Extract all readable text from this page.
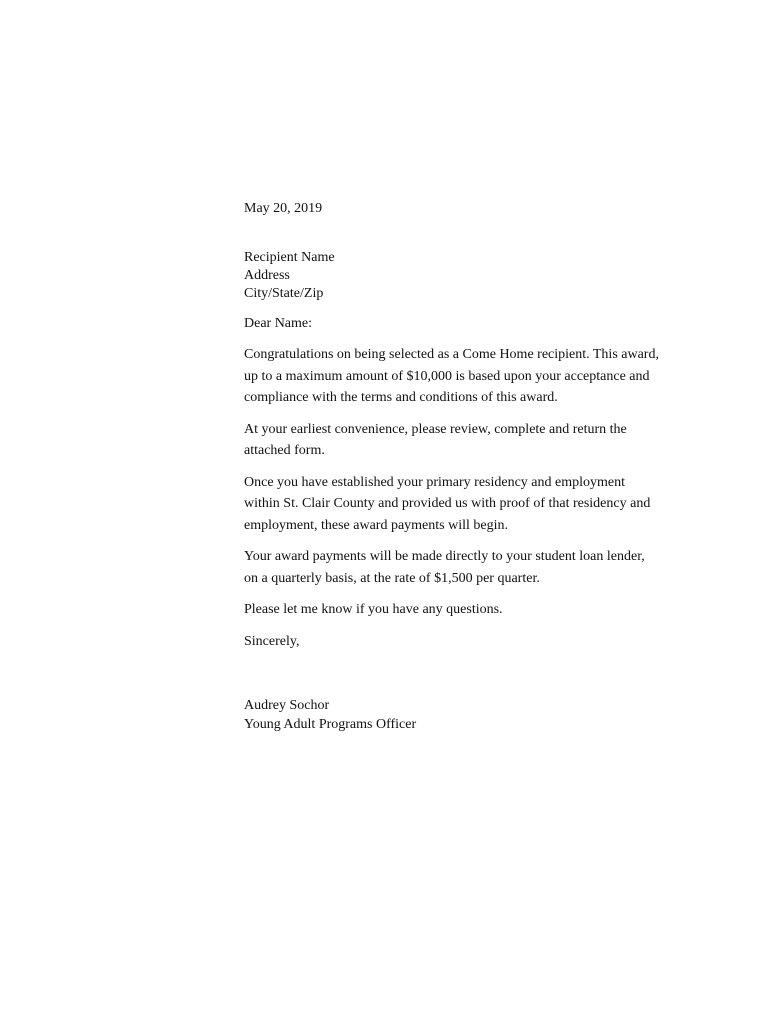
May 20, 2019
Recipient Name
Address
City/State/Zip
Dear Name:
Congratulations on being selected as a Come Home recipient. This award,
up to a maximum amount of $10,000 is based upon your acceptance and
compliance with the terms and conditions of this award.
At your earliest convenience, please review, complete and return the
attached form.
Once you have established your primary residency and employment
within St. Clair County and provided us with proof of that residency and
employment, these award payments will begin.
Your award payments will be made directly to your student loan lender,
on a quarterly basis, at the rate of $1,500 per quarter.
Please let me know if you have any questions.
Sincerely,
Audrey Sochor
Young Adult Programs Officer
